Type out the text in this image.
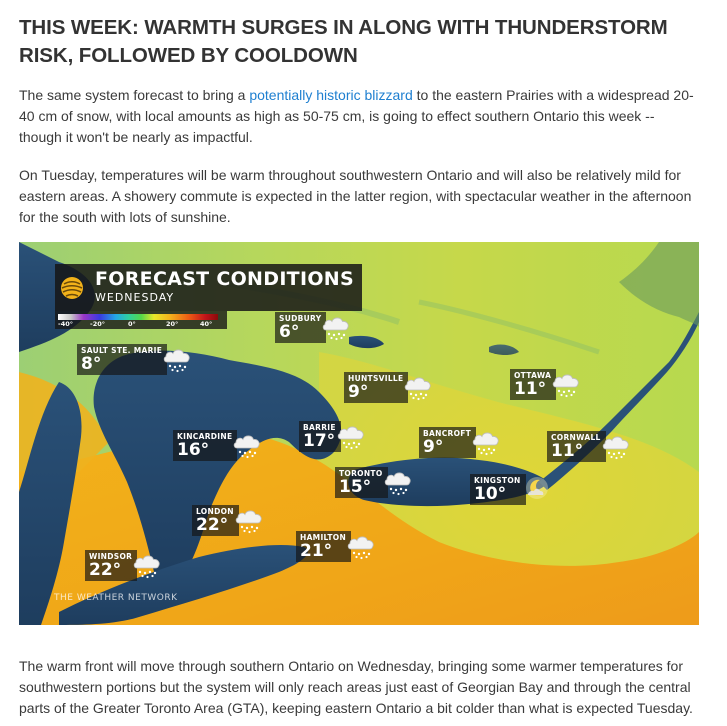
THIS WEEK: WARMTH SURGES IN ALONG WITH THUNDERSTORM RISK, FOLLOWED BY COOLDOWN

The same system forecast to bring a potentially historic blizzard to the eastern Prairies with a widespread 20-40 cm of snow, with local amounts as high as 50-75 cm, is going to effect southern Ontario this week -- though it won't be nearly as impactful.

On Tuesday, temperatures will be warm throughout southwestern Ontario and will also be relatively mild for eastern areas. A showery commute is expected in the latter region, with spectacular weather in the afternoon for the south with lots of sunshine.

FORECAST CONDITIONS
WEDNESDAY
-40°	-20°	0°	20°	40°
SUDBURY
6°
SAULT STE. MARIE
8°
HUNTSVILLE
9°
OTTAWA
11°
KINCARDINE
16°
BARRIE
17°	BANCROFT
9°	CORNWALL
11°
TORONTO
15°	KINGSTON
10°
LONDON
22°
HAMILTON
21°
WINDSOR
22°
THE WEATHER NETWORK

The warm front will move through southern Ontario on Wednesday, bringing some warmer temperatures for southwestern portions but the system will only reach areas just east of Georgian Bay and through the central parts of the Greater Toronto Area (GTA), keeping eastern Ontario a bit colder than what is expected Tuesday.
